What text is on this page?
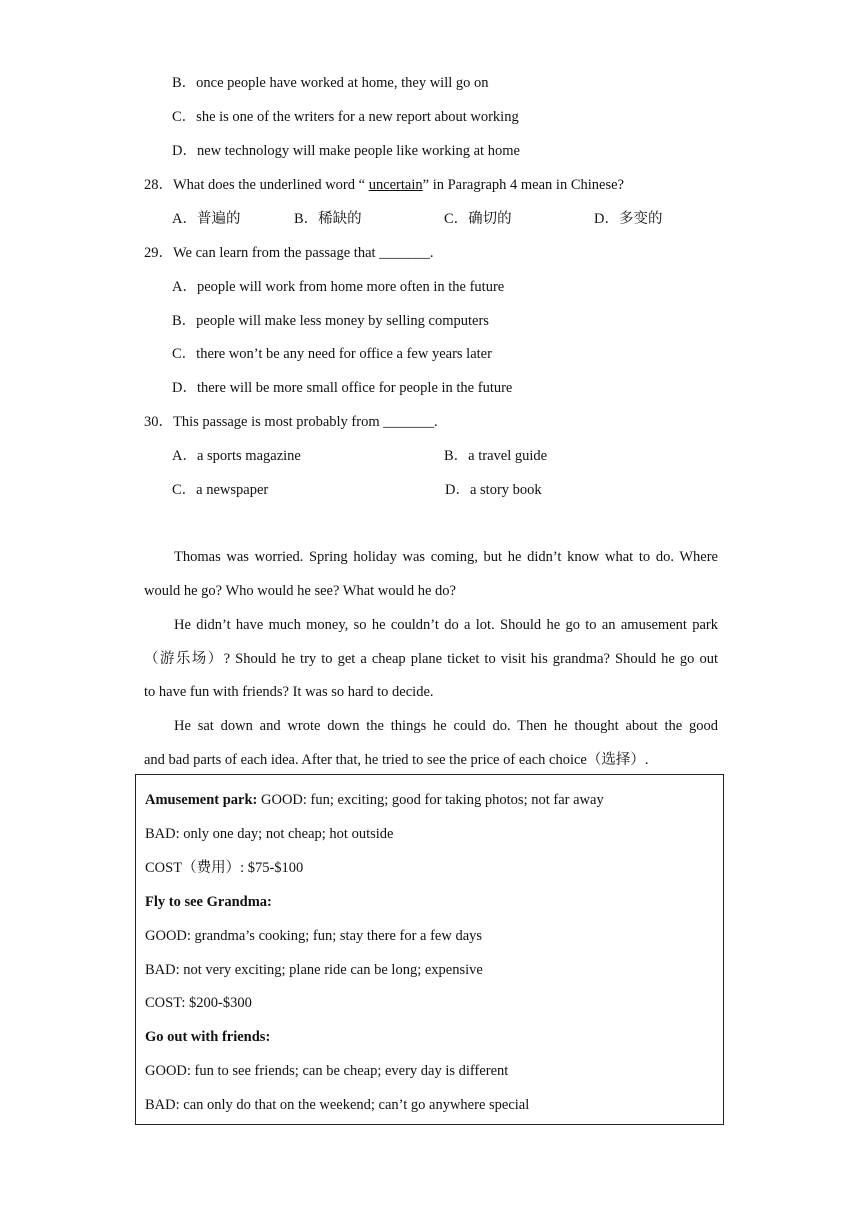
B．once people have worked at home, they will go on
C．she is one of the writers for a new report about working
D．new technology will make people like working at home
28．What does the underlined word “ uncertain” in Paragraph 4 mean in Chinese?
A．普遍的	B．稀缺的	C．确切的	D．多变的
29．We can learn from the passage that _______.
A．people will work from home more often in the future
B．people will make less money by selling computers
C．there won’t be any need for office a few years later
D．there will be more small office for people in the future
30．This passage is most probably from _______.
A．a sports magazine	B．a travel guide
C．a newspaper	D．a story book
Thomas was worried. Spring holiday was coming, but he didn’t know what to do. Where
would he go? Who would he see? What would he do?
He didn’t have much money, so he couldn’t do a lot. Should he go to an amusement park
（游乐场）? Should he try to get a cheap plane ticket to visit his grandma? Should he go out
to have fun with friends? It was so hard to decide.
He sat down and wrote down the things he could do. Then he thought about the good
and bad parts of each idea. After that, he tried to see the price of each choice（选择）.
Amusement park: GOOD: fun; exciting; good for taking photos; not far away
BAD: only one day; not cheap; hot outside
COST（费用）: $75-$100
Fly to see Grandma:
GOOD: grandma’s cooking; fun; stay there for a few days
BAD: not very exciting; plane ride can be long; expensive
COST: $200-$300
Go out with friends:
GOOD: fun to see friends; can be cheap; every day is different
BAD: can only do that on the weekend; can’t go anywhere special
